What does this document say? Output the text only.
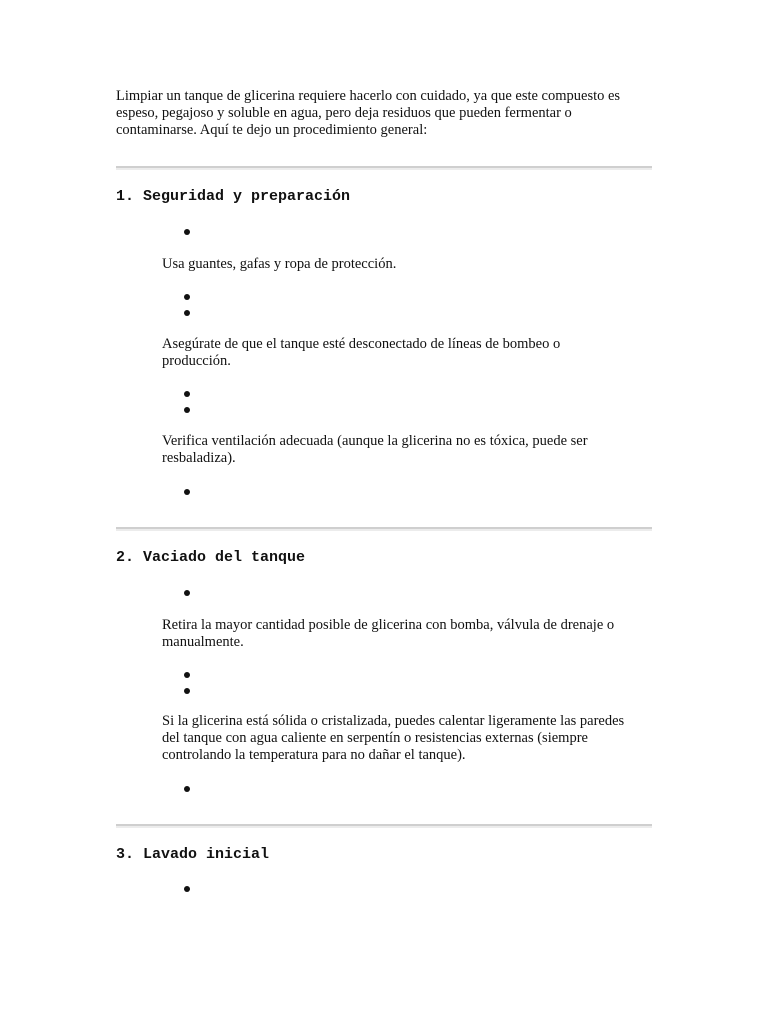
Limpiar un tanque de glicerina requiere hacerlo con cuidado, ya que este compuesto es espeso, pegajoso y soluble en agua, pero deja residuos que pueden fermentar o contaminarse. Aquí te dejo un procedimiento general:

1. Seguridad y preparación

Usa guantes, gafas y ropa de protección.

Asegúrate de que el tanque esté desconectado de líneas de bombeo o producción.

Verifica ventilación adecuada (aunque la glicerina no es tóxica, puede ser resbaladiza).

2. Vaciado del tanque

Retira la mayor cantidad posible de glicerina con bomba, válvula de drenaje o manualmente.

Si la glicerina está sólida o cristalizada, puedes calentar ligeramente las paredes del tanque con agua caliente en serpentín o resistencias externas (siempre controlando la temperatura para no dañar el tanque).

3. Lavado inicial
